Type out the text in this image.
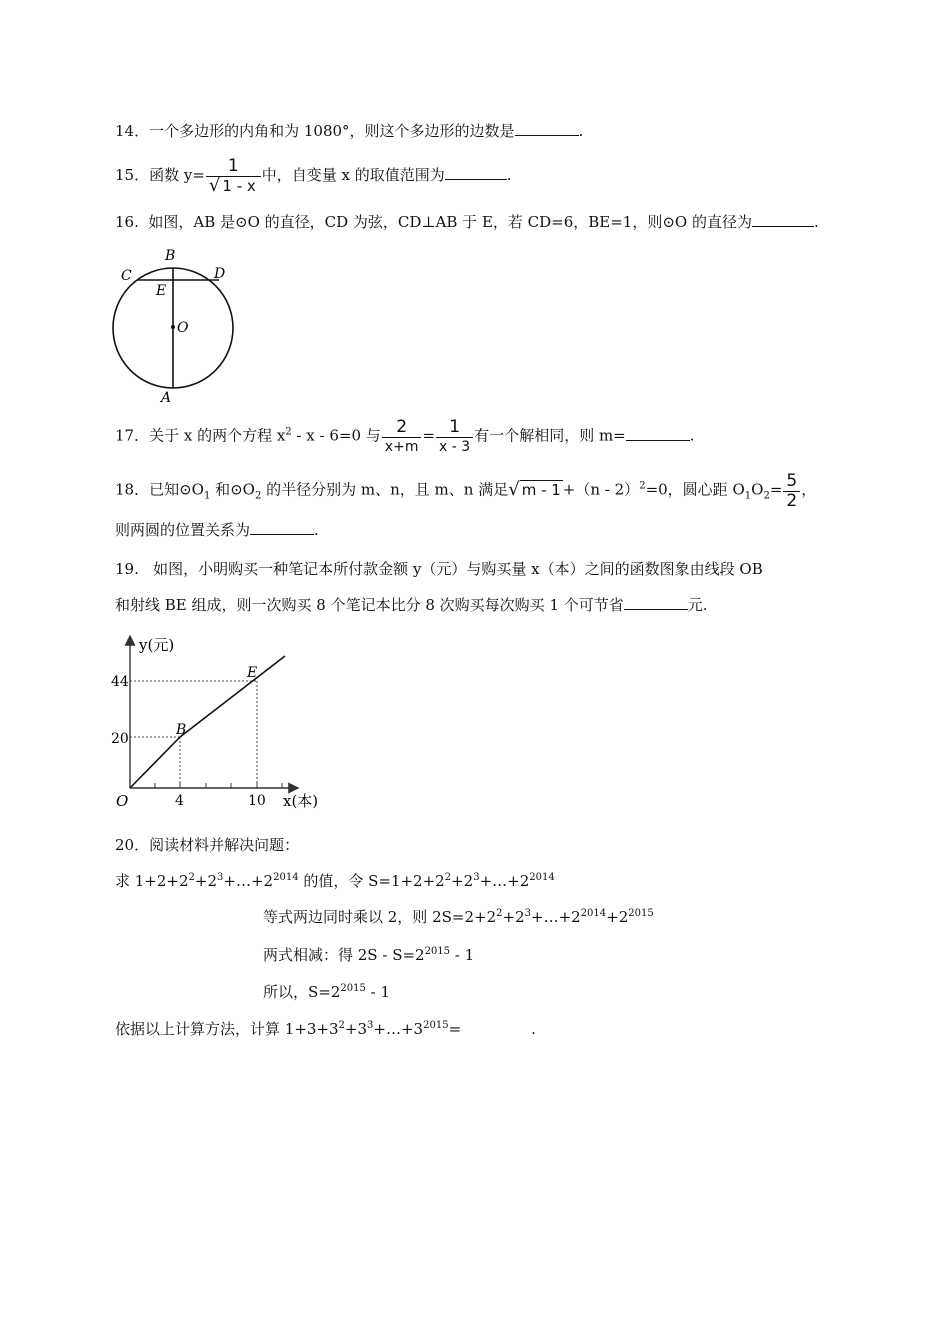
14．一个多边形的内角和为 1080°，则这个多边形的边数是	.
15．函数 $y= \frac{1}{√ 1 - x}$ 中，自变量 x 的取值范围为	.
16. 如图，AB 是⊙O 的直径，CD 为弦，CD⊥AB 于 E，若 CD=6，BE=1，则⊙O 的直径为	.
B
C	D
E
O
A
17．关于 x 的两个方程 $x^2 - x - 6=0$ 与 $\frac{2}{x+m} = \frac{1}{x - 3}$ 有一个解相同，则 m=	.
18．已知$⊙O_1$ 和$⊙O_2$ 的半径分别为 m、n，且 m、n 满足√ m - 1 +（n - 2）$^2$=0，圆心距 $O_1O_2= \frac{5}{2}$ ，
则两圆的位置关系为	.
19. 如图，小明购买一种笔记本所付款金额 y（元）与购买量 x（本）之间的函数图象由线段 OB
和射线 BE 组成，则一次购买 8 个笔记本比分 8 次购买每次购买 1 个可节省	元.
y(元)
x(本)
O
44
20
4	10
B
E
20．阅读材料并解决问题：
求 $1+2+2^2+2^3+\dots+2^{2014}$ 的值，令 $S=1+2+2^2+2^3+\dots+2^{2014}$
等式两边同时乘以 2，则 $2S=2+2^2+2^3+\dots+2^{2014}+2^{2015}$
两式相减：得 $2S - S=2^{2015} - 1$
所以，$S=2^{2015} - 1$
依据以上计算方法，计算 $1+3+3^2+3^3+\dots+3^{2015}=$	.
